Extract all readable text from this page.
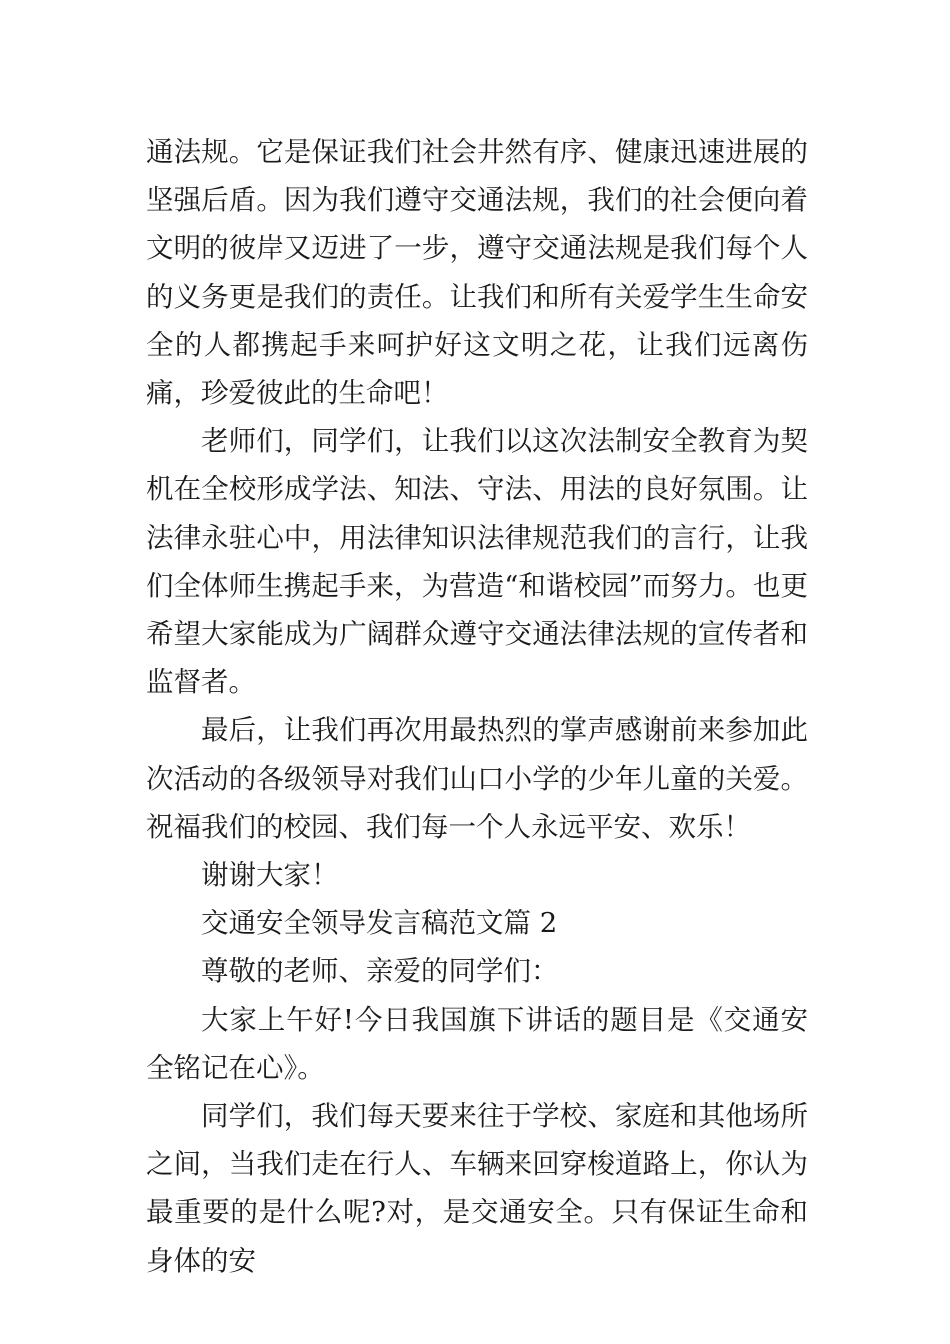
通法规。它是保证我们社会井然有序、健康迅速进展的坚强后盾。因为我们遵守交通法规，我们的社会便向着文明的彼岸又迈进了一步，遵守交通法规是我们每个人的义务更是我们的责任。让我们和所有关爱学生生命安全的人都携起手来呵护好这文明之花，让我们远离伤痛，珍爱彼此的生命吧！

老师们，同学们，让我们以这次法制安全教育为契机在全校形成学法、知法、守法、用法的良好氛围。让法律永驻心中，用法律知识法律规范我们的言行，让我们全体师生携起手来，为营造“和谐校园”而努力。也更希望大家能成为广阔群众遵守交通法律法规的宣传者和监督者。

最后，让我们再次用最热烈的掌声感谢前来参加此次活动的各级领导对我们山口小学的少年儿童的关爱。祝福我们的校园、我们每一个人永远平安、欢乐！

谢谢大家！

交通安全领导发言稿范文篇 2

尊敬的老师、亲爱的同学们：

大家上午好!今日我国旗下讲话的题目是《交通安全铭记在心》。

同学们，我们每天要来往于学校、家庭和其他场所之间，当我们走在行人、车辆来回穿梭道路上，你认为最重要的是什么呢?对，是交通安全。只有保证生命和身体的安
